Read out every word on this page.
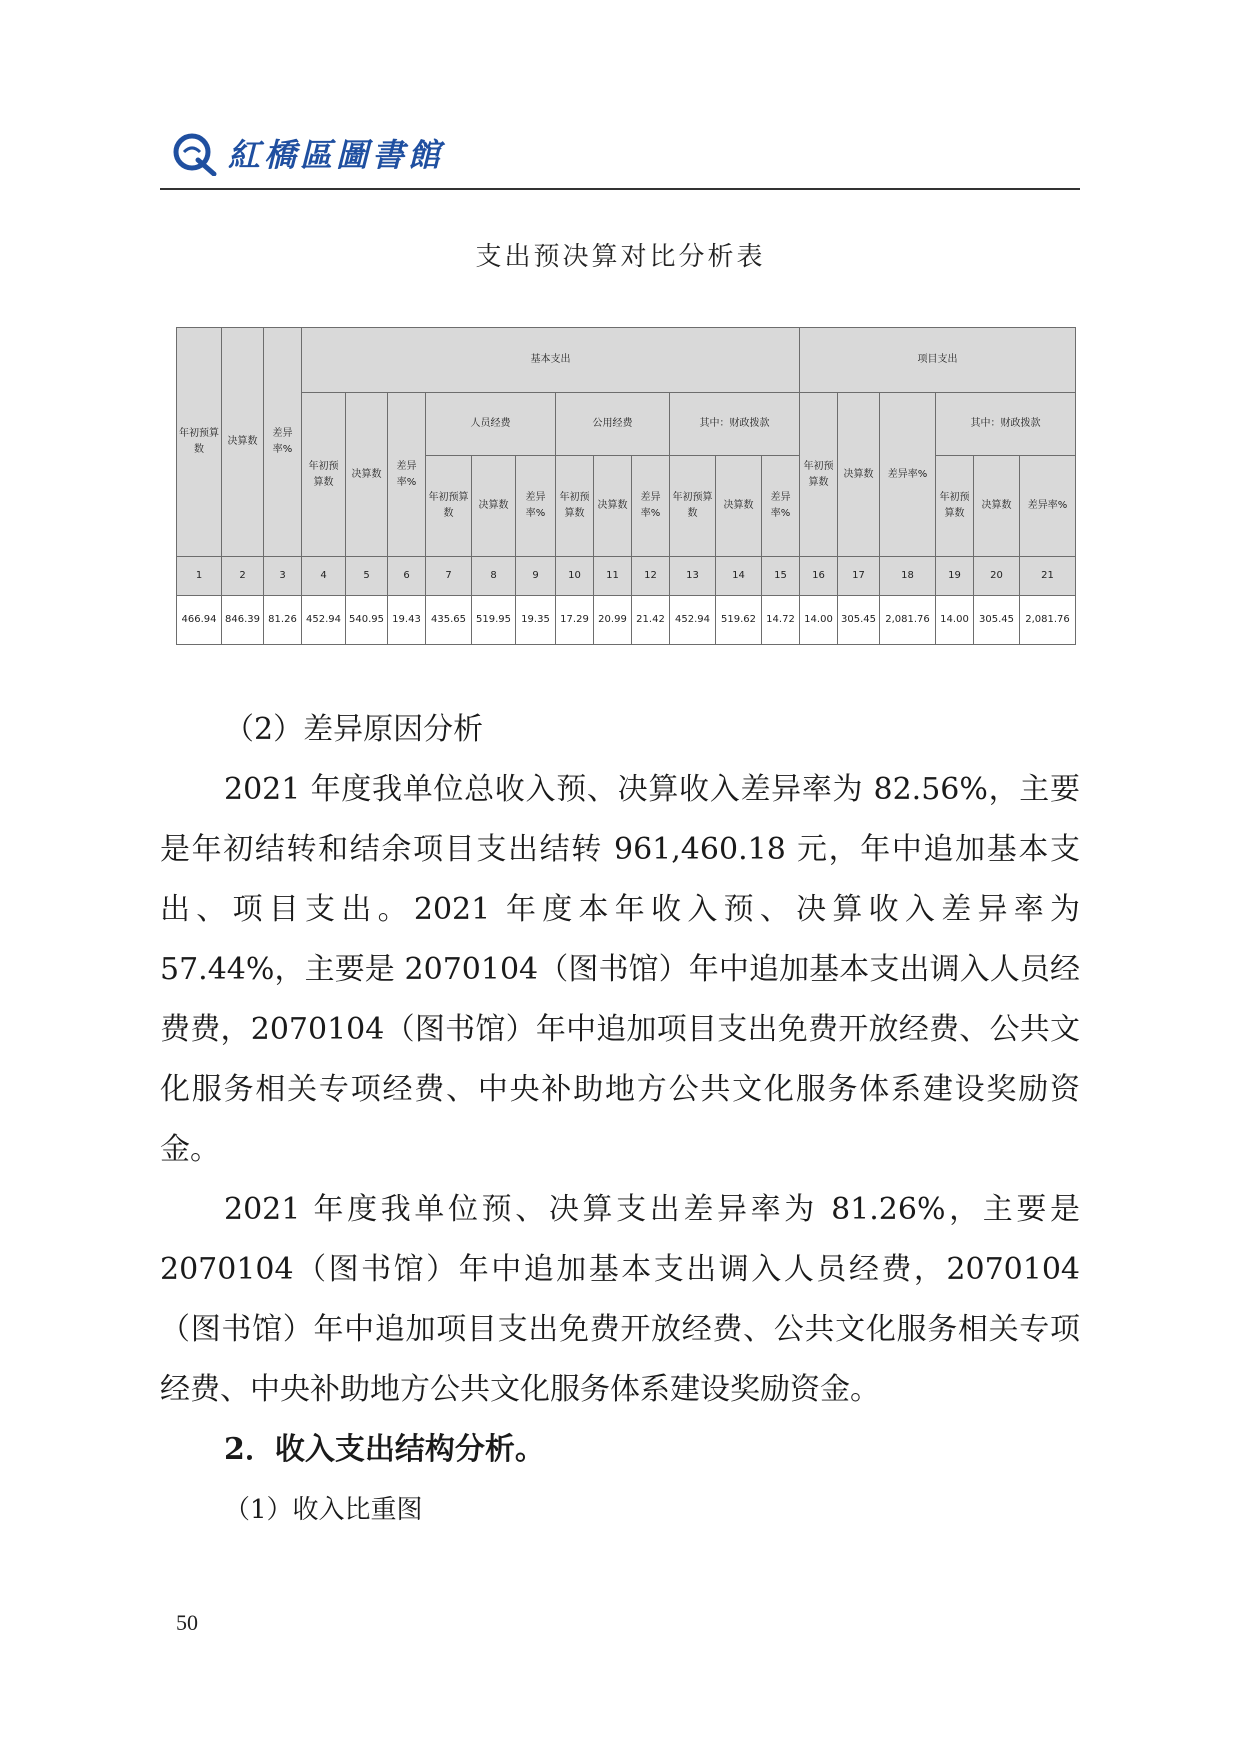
紅橋區圖書館
支出预决算对比分析表
年初预算数	决算数	差异率%	基本支出												项目支出					
			年初预算数	决算数	差异率%	人员经费			公用经费			其中：财政拨款			年初预算数	决算数	差异率%	其中：财政拨款		
						年初预算数	决算数	差异率%	年初预算数	决算数	差异率%	年初预算数	决算数	差异率%				年初预算数	决算数	差异率%
1	2	3	4	5	6	7	8	9	10	11	12	13	14	15	16	17	18	19	20	21
466.94	846.39	81.26	452.94	540.95	19.43	435.65	519.95	19.35	17.29	20.99	21.42	452.94	519.62	14.72	14.00	305.45	2,081.76	14.00	305.45	2,081.76
（2）差异原因分析
2021 年度我单位总收入预、决算收入差异率为 82.56%，主要是年初结转和结余项目支出结转 961,460.18 元，年中追加基本支出、项目支出。2021 年度本年收入预、决算收入差异率为 57.44%，主要是 2070104（图书馆）年中追加基本支出调入人员经费费，2070104（图书馆）年中追加项目支出免费开放经费、公共文化服务相关专项经费、中央补助地方公共文化服务体系建设奖励资金。
2021 年度我单位预、决算支出差异率为 81.26%，主要是 2070104（图书馆）年中追加基本支出调入人员经费，2070104（图书馆）年中追加项目支出免费开放经费、公共文化服务相关专项经费、中央补助地方公共文化服务体系建设奖励资金。
2．收入支出结构分析。
（1）收入比重图
50
